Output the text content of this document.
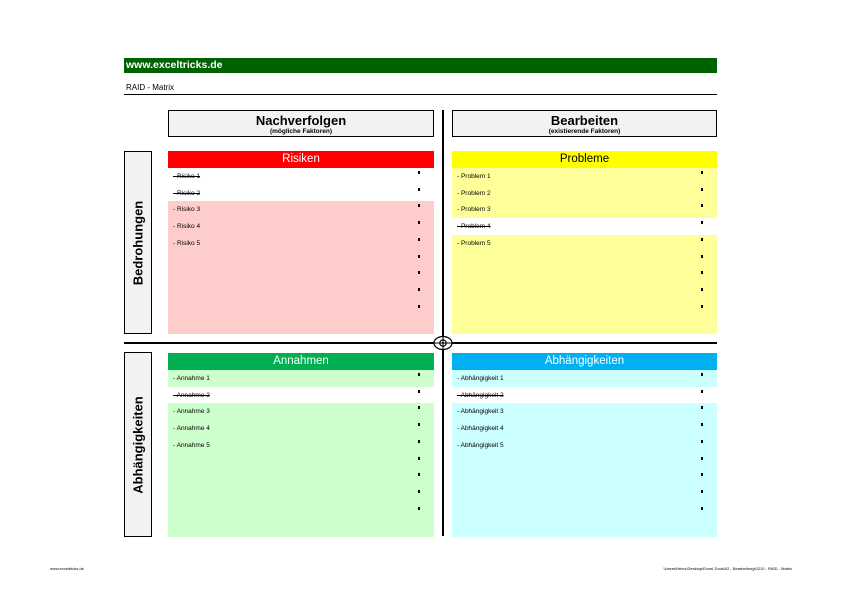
www.exceltricks.de
RAID - Matrix
Nachverfolgen
(mögliche Faktoren)
Bearbeiten
(existierende Faktoren)
Bedrohungen
Abhängigkeiten
Risiken
- Risiko 1
- Risiko 2
- Risiko 3
- Risiko 4
- Risiko 5
Probleme
- Problem 1
- Problem 2
- Problem 3
- Problem 4
- Problem 5
Annahmen
- Annahme 1
- Annahme 2
- Annahme 3
- Annahme 4
- Annahme 5
Abhängigkeiten
- Abhängigkeit 1
- Abhängigkeit 2
- Abhängigkeit 3
- Abhängigkeit 4
- Abhängigkeit 5
www.exceltricks.de	\Users\Heinz\Desktop\Excel-Tools\02 - Bearbeitung\0210 - RAID - Matrix
